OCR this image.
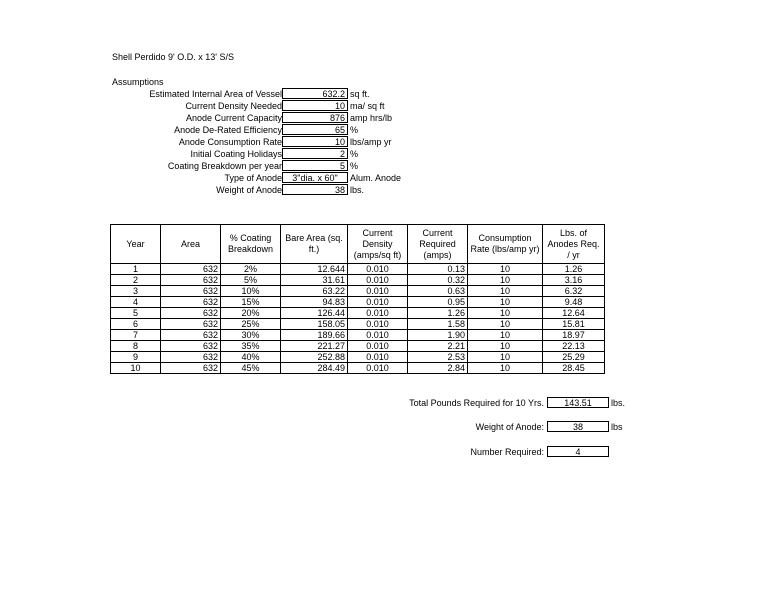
Shell Perdido 9' O.D. x 13' S/S
Assumptions
Estimated Internal Area of Vessel	632.2 sq ft.
Current Density Needed	10 ma/ sq ft
Anode Current Capacity	876 amp hrs/lb
Anode De-Rated Efficiency	65 %
Anode Consumption Rate	10 lbs/amp yr
Initial Coating Holidays	2 %
Coating Breakdown per year	5 %
Type of Anode	3"dia. x 60"	Alum. Anode
Weight of Anode	38 lbs.
Year	Area	% Coating Breakdown	Bare Area (sq. ft.)	Current Density (amps/sq ft)	Current Required (amps)	Consumption Rate (lbs/amp yr)	Lbs. of Anodes Req. / yr
1	632	2%	12.644	0.010	0.13	10	1.26
2	632	5%	31.61	0.010	0.32	10	3.16
3	632	10%	63.22	0.010	0.63	10	6.32
4	632	15%	94.83	0.010	0.95	10	9.48
5	632	20%	126.44	0.010	1.26	10	12.64
6	632	25%	158.05	0.010	1.58	10	15.81
7	632	30%	189.66	0.010	1.90	10	18.97
8	632	35%	221.27	0.010	2.21	10	22.13
9	632	40%	252.88	0.010	2.53	10	25.29
10	632	45%	284.49	0.010	2.84	10	28.45
Total Pounds Required for 10 Yrs.	143.51	lbs.
Weight of Anode:	38	lbs
Number Required:	4
